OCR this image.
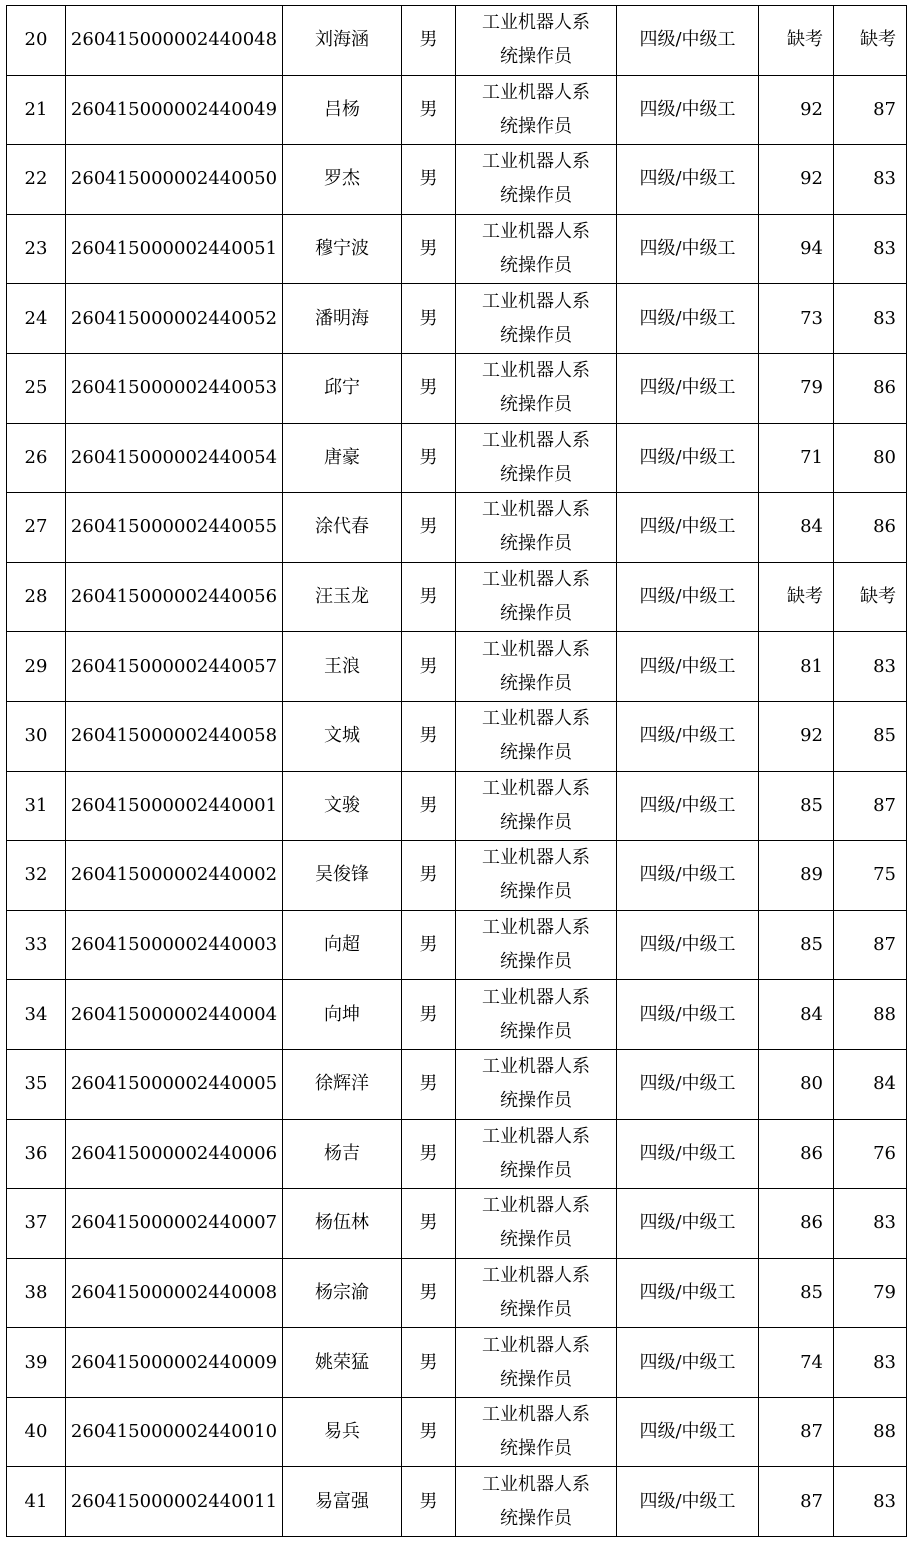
20	260415000002440048	刘海涵	男	工业机器人系
统操作员	四级/中级工	缺考	缺考
21	260415000002440049	吕杨	男	工业机器人系
统操作员	四级/中级工	92	87
22	260415000002440050	罗杰	男	工业机器人系
统操作员	四级/中级工	92	83
23	260415000002440051	穆宁波	男	工业机器人系
统操作员	四级/中级工	94	83
24	260415000002440052	潘明海	男	工业机器人系
统操作员	四级/中级工	73	83
25	260415000002440053	邱宁	男	工业机器人系
统操作员	四级/中级工	79	86
26	260415000002440054	唐豪	男	工业机器人系
统操作员	四级/中级工	71	80
27	260415000002440055	涂代春	男	工业机器人系
统操作员	四级/中级工	84	86
28	260415000002440056	汪玉龙	男	工业机器人系
统操作员	四级/中级工	缺考	缺考
29	260415000002440057	王浪	男	工业机器人系
统操作员	四级/中级工	81	83
30	260415000002440058	文城	男	工业机器人系
统操作员	四级/中级工	92	85
31	260415000002440001	文骏	男	工业机器人系
统操作员	四级/中级工	85	87
32	260415000002440002	吴俊锋	男	工业机器人系
统操作员	四级/中级工	89	75
33	260415000002440003	向超	男	工业机器人系
统操作员	四级/中级工	85	87
34	260415000002440004	向坤	男	工业机器人系
统操作员	四级/中级工	84	88
35	260415000002440005	徐辉洋	男	工业机器人系
统操作员	四级/中级工	80	84
36	260415000002440006	杨吉	男	工业机器人系
统操作员	四级/中级工	86	76
37	260415000002440007	杨伍林	男	工业机器人系
统操作员	四级/中级工	86	83
38	260415000002440008	杨宗渝	男	工业机器人系
统操作员	四级/中级工	85	79
39	260415000002440009	姚荣猛	男	工业机器人系
统操作员	四级/中级工	74	83
40	260415000002440010	易兵	男	工业机器人系
统操作员	四级/中级工	87	88
41	260415000002440011	易富强	男	工业机器人系
统操作员	四级/中级工	87	83
